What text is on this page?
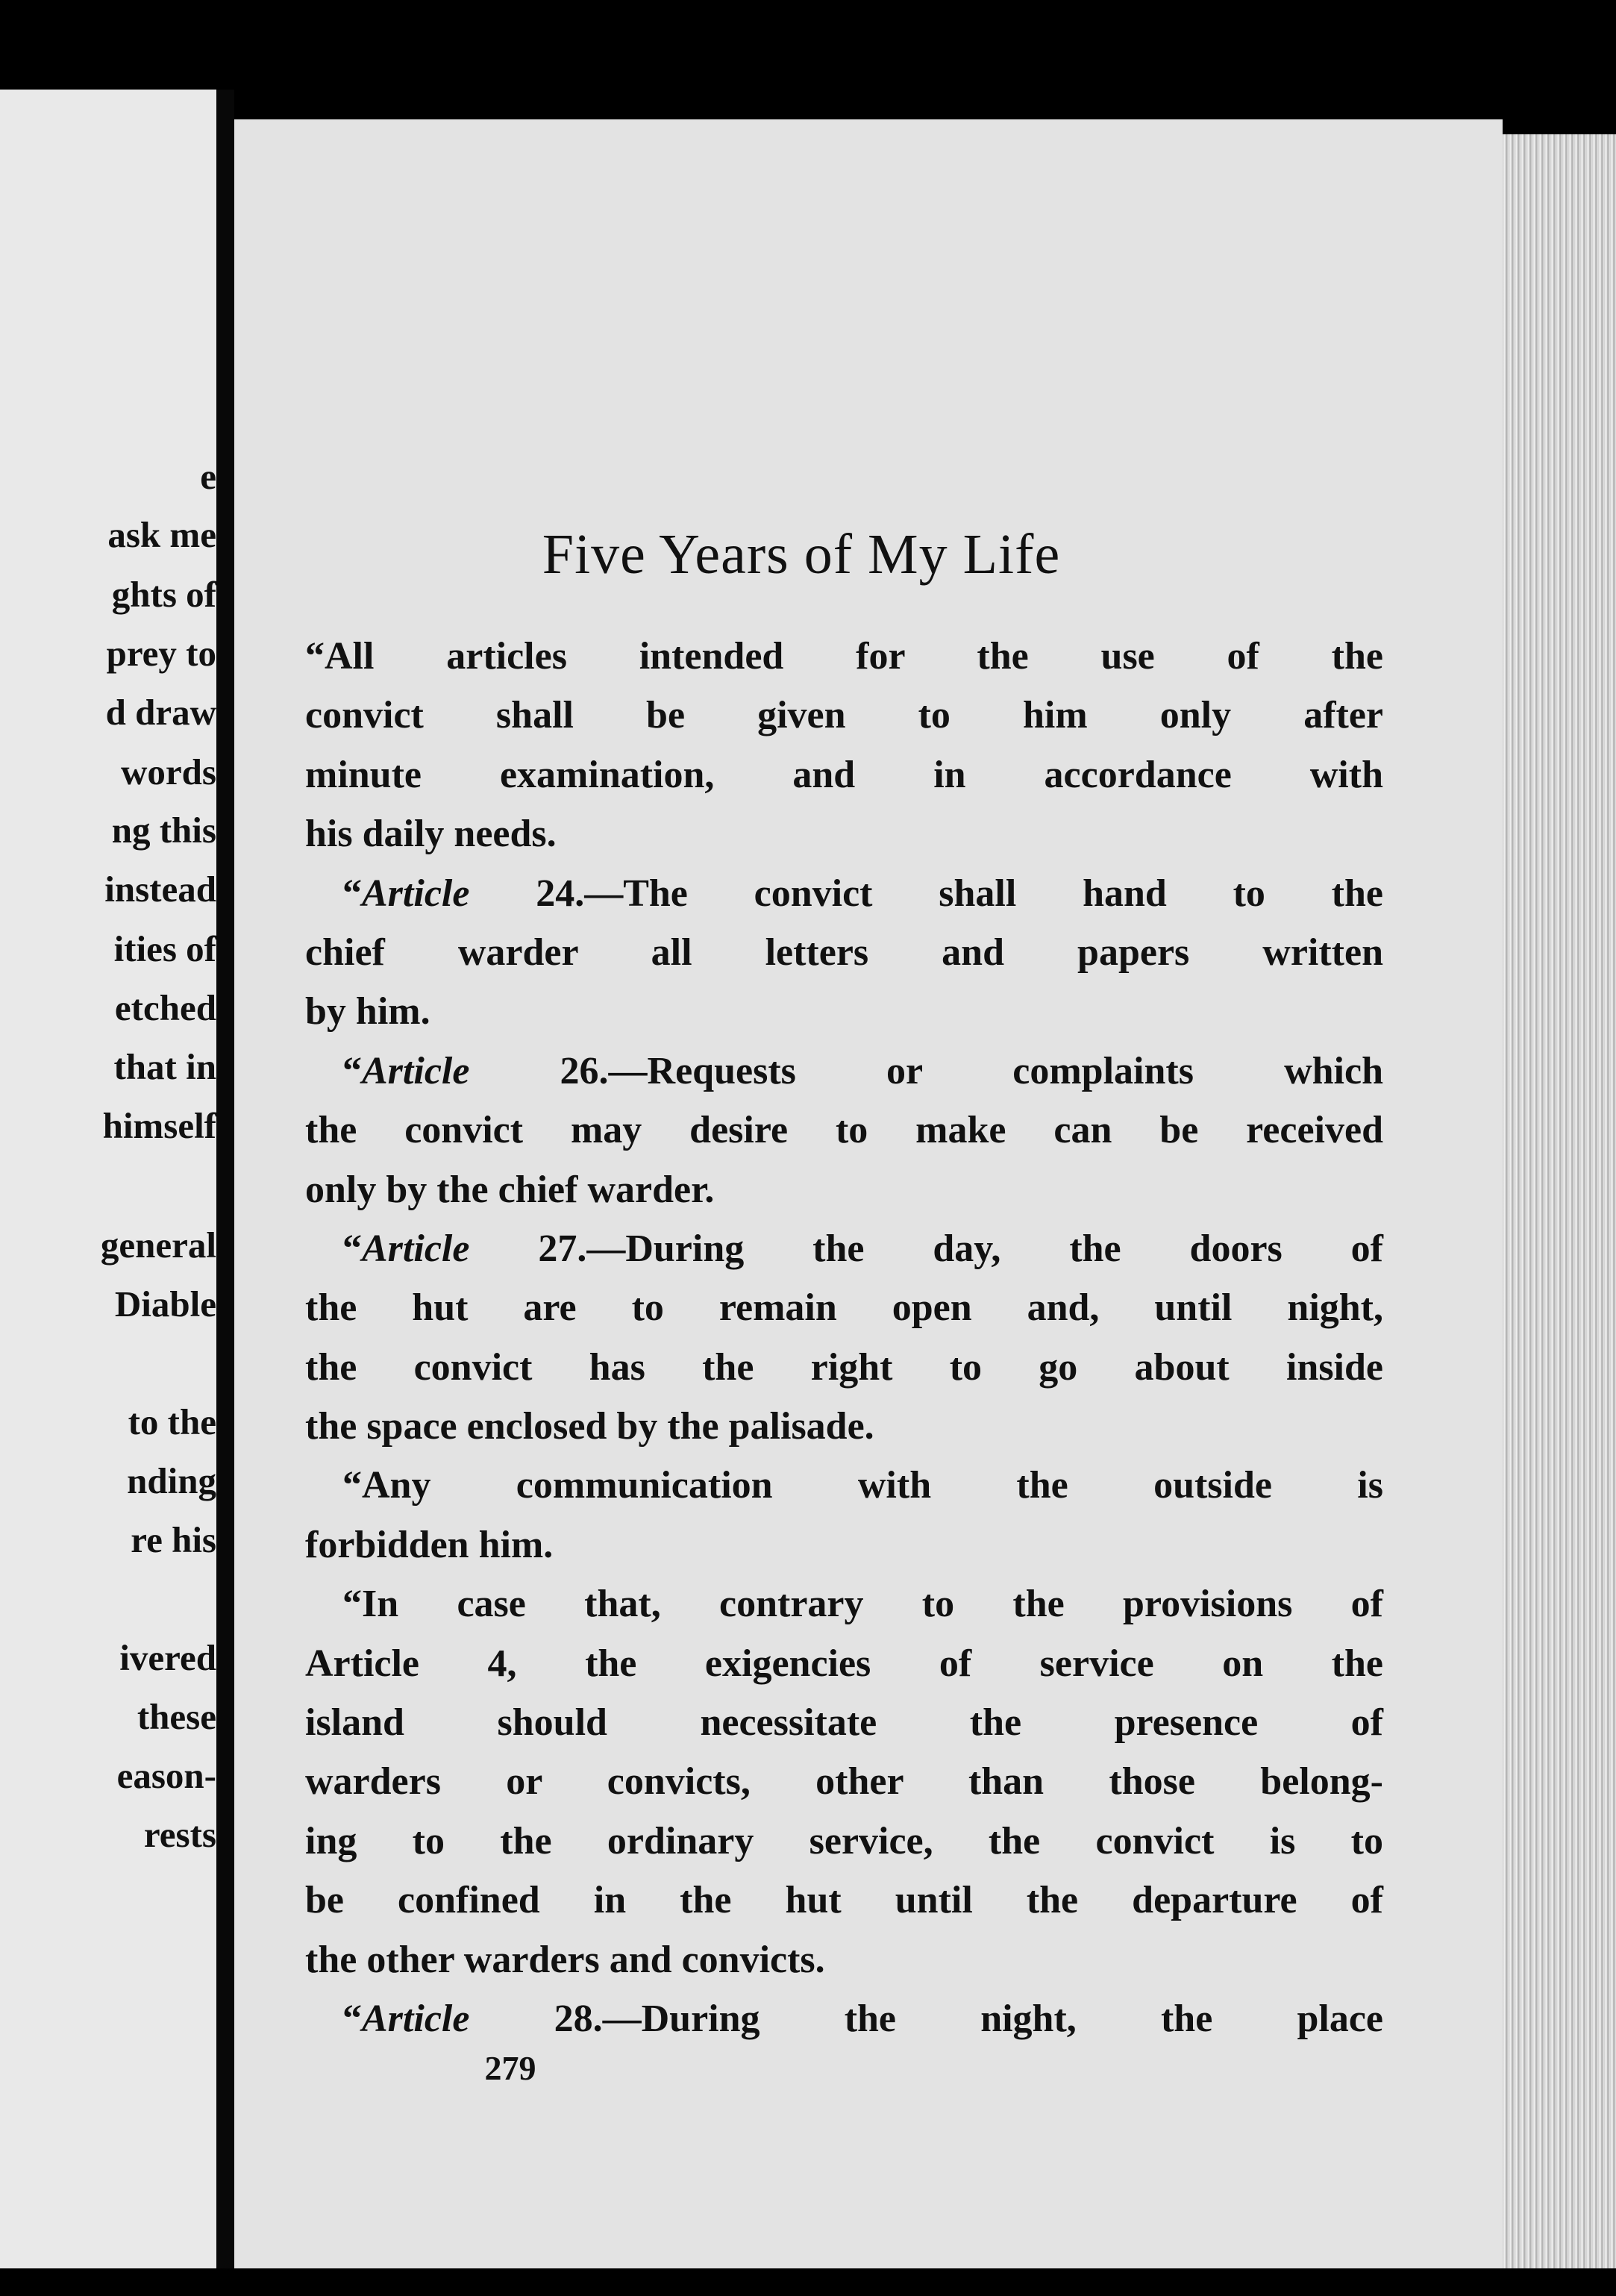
e
ask me
ghts of
prey to
d draw
words
ng this
instead
ities of
etched
that in
himself
general
Diable
to the
nding
re his
ivered
these
eason-
rests
Five Years of My Life
“All articles intended for the use of the
convict shall be given to him only after
minute examination, and in accordance with
his daily needs.
“Article 24.—The convict shall hand to the
chief warder all letters and papers written
by him.
“Article 26.—Requests or complaints which
the convict may desire to make can be received
only by the chief warder.
“Article 27.—During the day, the doors of
the hut are to remain open and, until night,
the convict has the right to go about inside
the space enclosed by the palisade.
“Any communication with the outside is
forbidden him.
“In case that, contrary to the provisions of
Article 4, the exigencies of service on the
island should necessitate the presence of
warders or convicts, other than those belong-
ing to the ordinary service, the convict is to
be confined in the hut until the departure of
the other warders and convicts.
“Article 28.—During the night, the place
279
